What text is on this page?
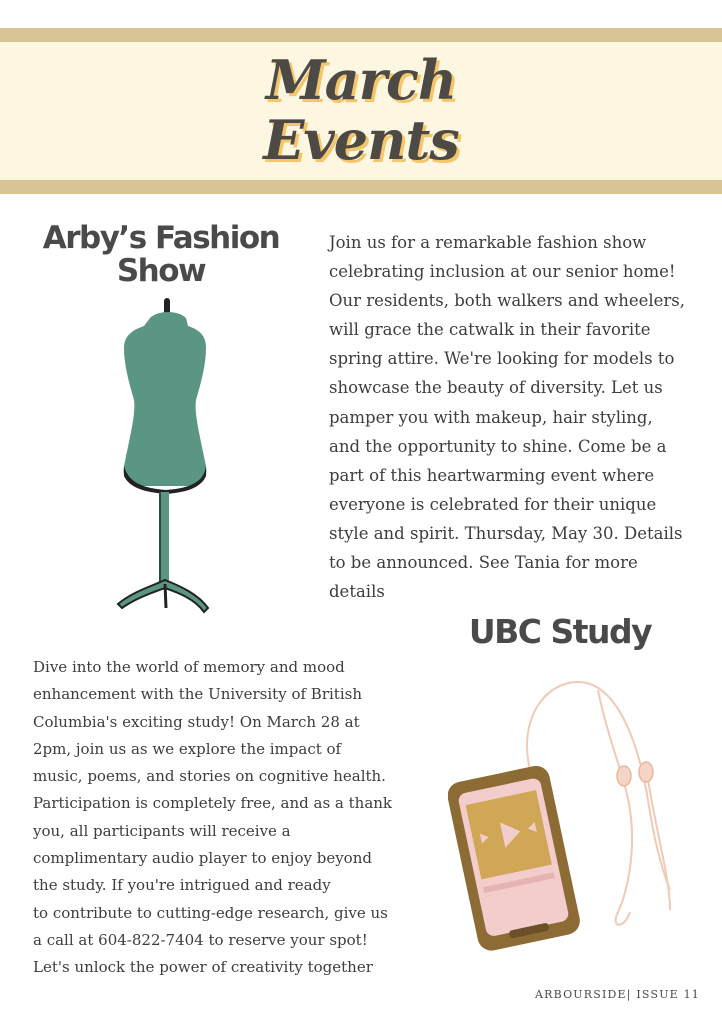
March
Events
Arby’s Fashion
Show
Join us for a remarkable fashion show
celebrating inclusion at our senior home!
Our residents, both walkers and wheelers,
will grace the catwalk in their favorite
spring attire. We're looking for models to
showcase the beauty of diversity. Let us
pamper you with makeup, hair styling,
and the opportunity to shine. Come be a
part of this heartwarming event where
everyone is celebrated for their unique
style and spirit. Thursday, May 30. Details
to be announced. See Tania for more
details
UBC Study
Dive into the world of memory and mood
enhancement with the University of British
Columbia's exciting study! On March 28 at
2pm, join us as we explore the impact of
music, poems, and stories on cognitive health.
Participation is completely free, and as a thank
you, all participants will receive a
complimentary audio player to enjoy beyond
the study. If you're intrigued and ready
to contribute to cutting-edge research, give us
a call at 604-822-7404 to reserve your spot!
Let's unlock the power of creativity together
ARBOURSIDE| ISSUE 11
